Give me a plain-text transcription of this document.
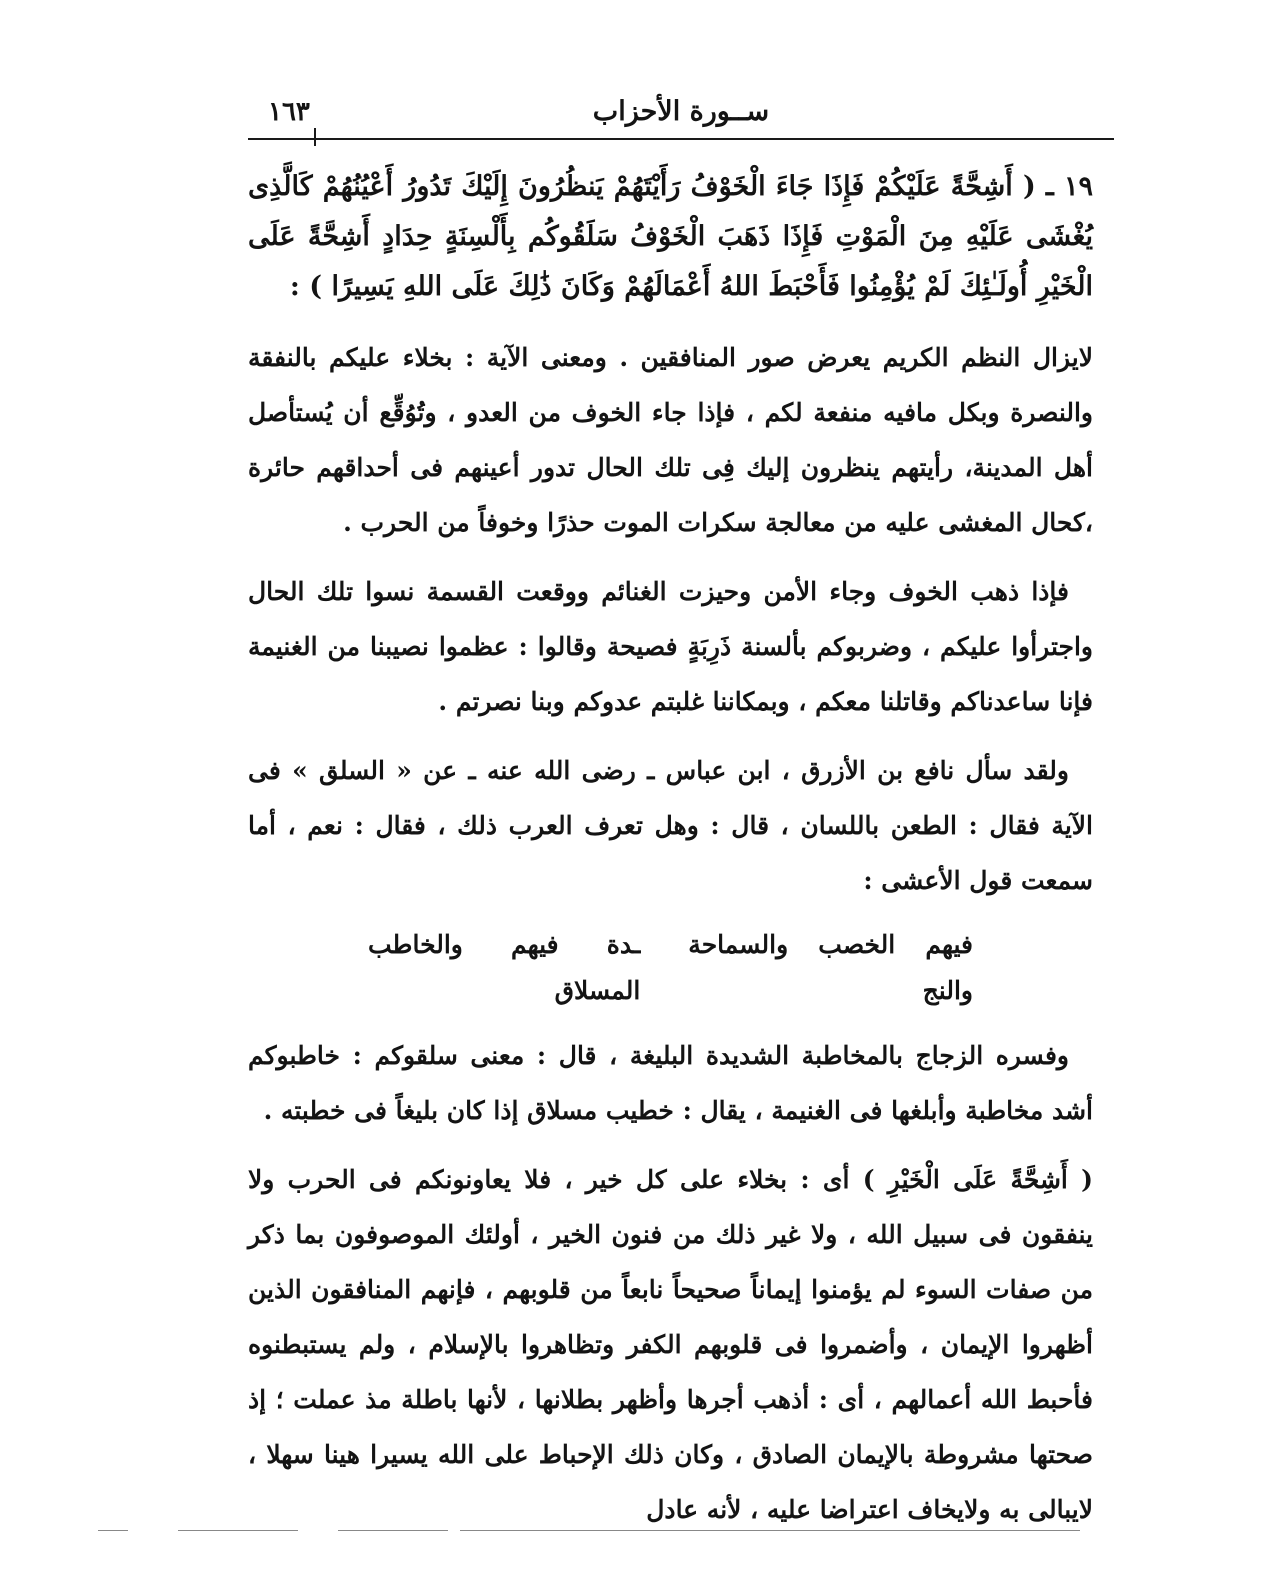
ســورة الأحزاب
١٦٣

١٩ ـ ( أَشِحَّةً عَلَيْكُمْ فَإِذَا جَاءَ الْخَوْفُ رَأَيْتَهُمْ يَنظُرُونَ إِلَيْكَ تَدُورُ أَعْيُنُهُمْ كَالَّذِى يُغْشَى عَلَيْهِ مِنَ الْمَوْتِ فَإِذَا ذَهَبَ الْخَوْفُ سَلَقُوكُم بِأَلْسِنَةٍ حِدَادٍ أَشِحَّةً عَلَى الْخَيْرِ أُولَـٰئِكَ لَمْ يُؤْمِنُوا فَأَحْبَطَ اللهُ أَعْمَالَهُمْ وَكَانَ ذَٰلِكَ عَلَى اللهِ يَسِيرًا ) :

لايزال النظم الكريم يعرض صور المنافقين . ومعنى الآية : بخلاء عليكم بالنفقة والنصرة وبكل مافيه منفعة لكم ، فإذا جاء الخوف من العدو ، وتُوُقِّع أن يُستأصل أهل المدينة، رأيتهم ينظرون إليك فِى تلك الحال تدور أعينهم فى أحداقهم حائرة ،كحال المغشى عليه من معالجة سكرات الموت حذرًا وخوفاً من الحرب .

فإذا ذهب الخوف وجاء الأمن وحيزت الغنائم ووقعت القسمة نسوا تلك الحال واجترأوا عليكم ، وضربوكم بألسنة ذَرِبَةٍ فصيحة وقالوا : عظموا نصيبنا من الغنيمة فإنا ساعدناكم وقاتلنا معكم ، وبمكاننا غلبتم عدوكم وبنا نصرتم .

ولقد سأل نافع بن الأزرق ، ابن عباس ـ رضى الله عنه ـ عن « السلق » فى الآية فقال : الطعن باللسان ، قال : وهل تعرف العرب ذلك ، فقال : نعم ، أما سمعت قول الأعشى :

فيهم الخصب والسماحة والنج
ـدة فيهم والخاطب المسلاق

وفسره الزجاج بالمخاطبة الشديدة البليغة ، قال : معنى سلقوكم : خاطبوكم أشد مخاطبة وأبلغها فى الغنيمة ، يقال : خطيب مسلاق إذا كان بليغاً فى خطبته .

( أَشِحَّةً عَلَى الْخَيْرِ ) أى : بخلاء على كل خير ، فلا يعاونونكم فى الحرب ولا ينفقون فى سبيل الله ، ولا غير ذلك من فنون الخير ، أولئك الموصوفون بما ذكر من صفات السوء لم يؤمنوا إيماناً صحيحاً نابعاً من قلوبهم ، فإنهم المنافقون الذين أظهروا الإيمان ، وأضمروا فى قلوبهم الكفر وتظاهروا بالإسلام ، ولم يستبطنوه فأحبط الله أعمالهم ، أى : أذهب أجرها وأظهر بطلانها ، لأنها باطلة مذ عملت ؛ إذ صحتها مشروطة بالإيمان الصادق ، وكان ذلك الإحباط على الله يسيرا هينا سهلا ، لايبالى به ولايخاف اعتراضا عليه ، لأنه عادل
